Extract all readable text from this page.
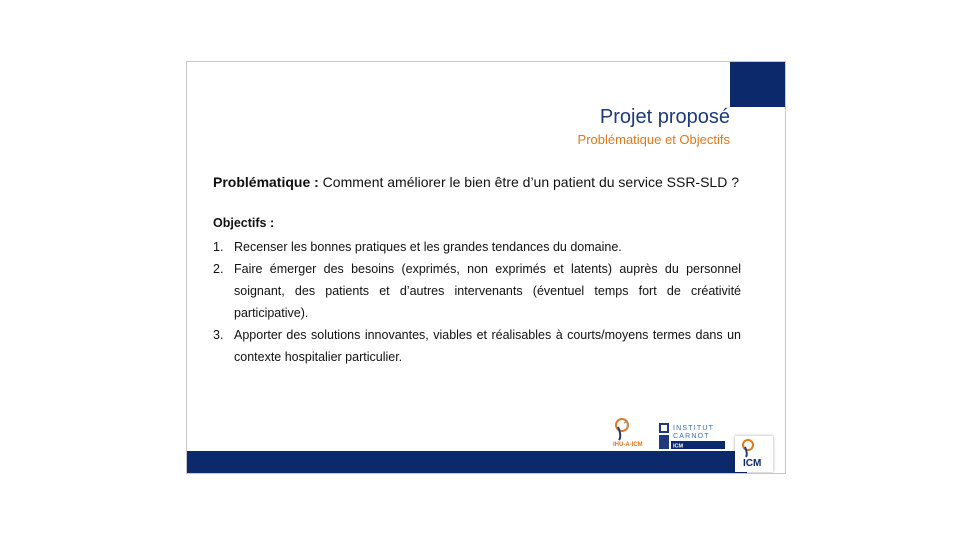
Projet proposé
Problématique et Objectifs
Problématique : Comment améliorer le bien être d’un patient du service SSR-SLD ?
Objectifs :
1. Recenser les bonnes pratiques et les grandes tendances du domaine.
2. Faire émerger des besoins (exprimés, non exprimés et latents) auprès du personnel soignant, des patients et d’autres intervenants (éventuel temps fort de créativité participative).
3. Apporter des solutions innovantes, viables et réalisables à courts/moyens termes dans un contexte hospitalier particulier.
IHU-A-ICM
INSTITUT
CARNOT
ICM
ICM
